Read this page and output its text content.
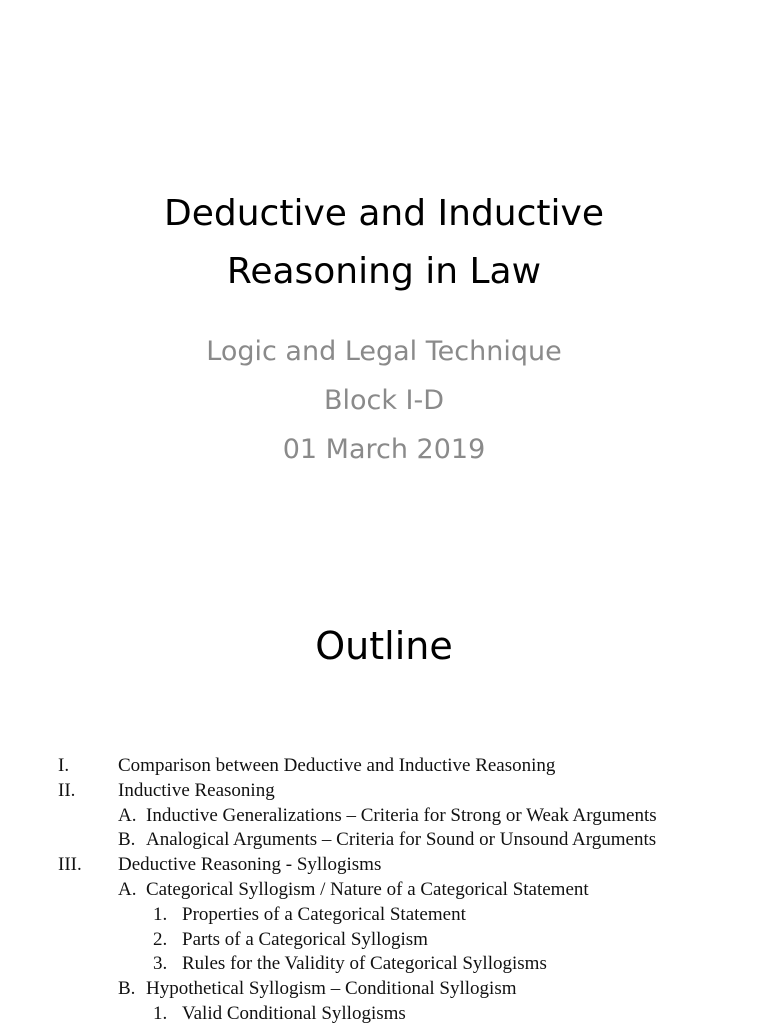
Deductive and Inductive
Reasoning in Law
Logic and Legal Technique
Block I-D
01 March 2019
Outline
I.	Comparison between Deductive and Inductive Reasoning
II. Inductive Reasoning
A. Inductive Generalizations – Criteria for Strong or Weak Arguments
B. Analogical Arguments – Criteria for Sound or Unsound Arguments
III. Deductive Reasoning - Syllogisms
A. Categorical Syllogism / Nature of a Categorical Statement
1. Properties of a Categorical Statement
2. Parts of a Categorical Syllogism
3. Rules for the Validity of Categorical Syllogisms
B. Hypothetical Syllogism – Conditional Syllogism
1. Valid Conditional Syllogisms
